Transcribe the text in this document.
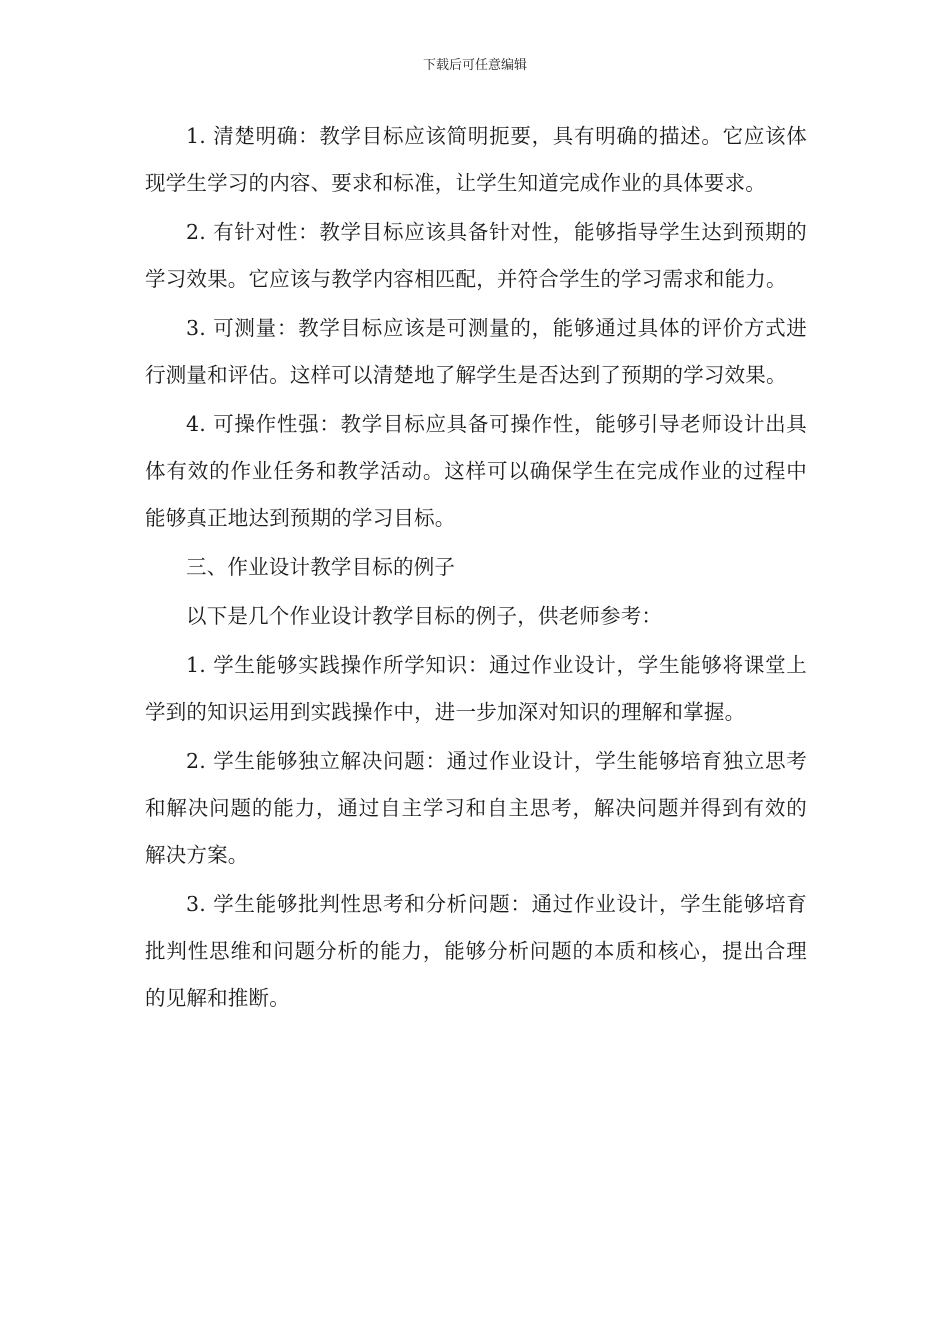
下载后可任意编辑

1. 清楚明确：教学目标应该简明扼要，具有明确的描述。它应该体现学生学习的内容、要求和标准，让学生知道完成作业的具体要求。

2. 有针对性：教学目标应该具备针对性，能够指导学生达到预期的学习效果。它应该与教学内容相匹配，并符合学生的学习需求和能力。

3. 可测量：教学目标应该是可测量的，能够通过具体的评价方式进行测量和评估。这样可以清楚地了解学生是否达到了预期的学习效果。

4. 可操作性强：教学目标应具备可操作性，能够引导老师设计出具体有效的作业任务和教学活动。这样可以确保学生在完成作业的过程中能够真正地达到预期的学习目标。

三、作业设计教学目标的例子

以下是几个作业设计教学目标的例子，供老师参考：

1. 学生能够实践操作所学知识：通过作业设计，学生能够将课堂上学到的知识运用到实践操作中，进一步加深对知识的理解和掌握。

2. 学生能够独立解决问题：通过作业设计，学生能够培育独立思考和解决问题的能力，通过自主学习和自主思考，解决问题并得到有效的解决方案。

3. 学生能够批判性思考和分析问题：通过作业设计，学生能够培育批判性思维和问题分析的能力，能够分析问题的本质和核心，提出合理的见解和推断。
